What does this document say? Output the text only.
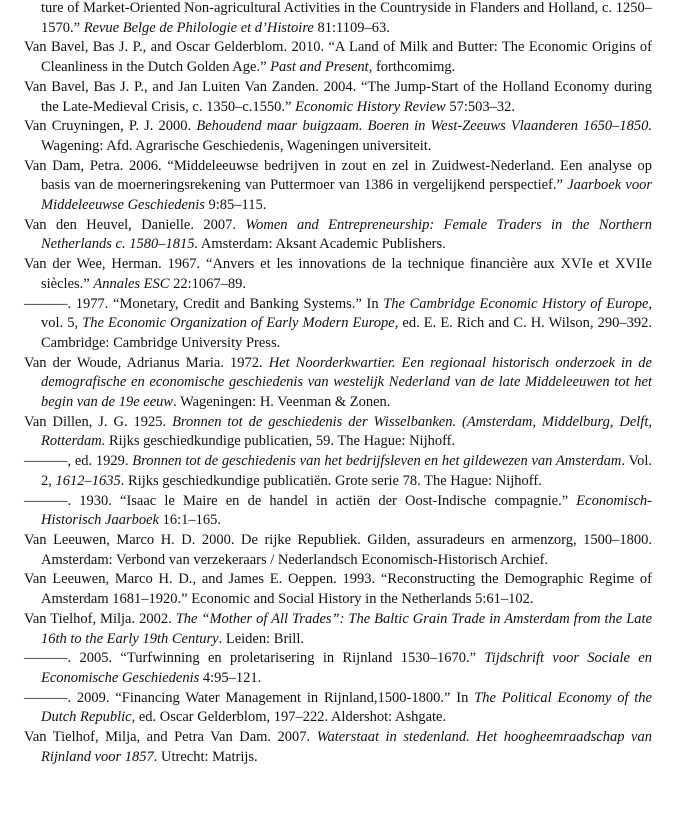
ture of Market-Oriented Non-agricultural Activities in the Countryside in Flanders and Holland, c. 1250–1570.” Revue Belge de Philologie et d’Histoire 81:1109–63.

Van Bavel, Bas J. P., and Oscar Gelderblom. 2010. “A Land of Milk and Butter: The Economic Origins of Cleanliness in the Dutch Golden Age.” Past and Present, forthcomimg.

Van Bavel, Bas J. P., and Jan Luiten Van Zanden. 2004. “The Jump-Start of the Holland Economy during the Late-Medieval Crisis, c. 1350–c.1550.” Economic History Review 57:503–32.

Van Cruyningen, P. J. 2000. Behoudend maar buigzaam. Boeren in West-Zeeuws Vlaanderen 1650–1850. Wagening: Afd. Agrarische Geschiedenis, Wageningen universiteit.

Van Dam, Petra. 2006. “Middeleeuwse bedrijven in zout en zel in Zuidwest-Nederland. Een analyse op basis van de moerneringsrekening van Puttermoer van 1386 in vergelijkend perspectief.” Jaarboek voor Middeleeuwse Geschiedenis 9:85–115.

Van den Heuvel, Danielle. 2007. Women and Entrepreneurship: Female Traders in the Northern Netherlands c. 1580–1815. Amsterdam: Aksant Academic Publishers.

Van der Wee, Herman. 1967. “Anvers et les innovations de la technique financière aux XVIe et XVIIe siècles.” Annales ESC 22:1067–89.

———. 1977. “Monetary, Credit and Banking Systems.” In The Cambridge Economic History of Europe, vol. 5, The Economic Organization of Early Modern Europe, ed. E. E. Rich and C. H. Wilson, 290–392. Cambridge: Cambridge University Press.

Van der Woude, Adrianus Maria. 1972. Het Noorderkwartier. Een regionaal historisch onderzoek in de demografische en economische geschiedenis van westelijk Nederland van de late Middeleeuwen tot het begin van de 19e eeuw. Wageningen: H. Veenman & Zonen.

Van Dillen, J. G. 1925. Bronnen tot de geschiedenis der Wisselbanken. (Amsterdam, Middelburg, Delft, Rotterdam. Rijks geschiedkundige publicatien, 59. The Hague: Nijhoff.

———, ed. 1929. Bronnen tot de geschiedenis van het bedrijfsleven en het gildewezen van Amsterdam. Vol. 2, 1612–1635. Rijks geschiedkundige publicatiën. Grote serie 78. The Hague: Nijhoff.

———. 1930. “Isaac le Maire en de handel in actiën der Oost-Indische compagnie.” Economisch-Historisch Jaarboek 16:1–165.

Van Leeuwen, Marco H. D. 2000. De rijke Republiek. Gilden, assuradeurs en armenzorg, 1500–1800. Amsterdam: Verbond van verzekeraars / Nederlandsch Economisch-Historisch Archief.

Van Leeuwen, Marco H. D., and James E. Oeppen. 1993. “Reconstructing the Demographic Regime of Amsterdam 1681–1920.” Economic and Social History in the Netherlands 5:61–102.

Van Tielhof, Milja. 2002. The “Mother of All Trades”: The Baltic Grain Trade in Amsterdam from the Late 16th to the Early 19th Century. Leiden: Brill.

———. 2005. “Turfwinning en proletarisering in Rijnland 1530–1670.” Tijdschrift voor Sociale en Economische Geschiedenis 4:95–121.

———. 2009. “Financing Water Management in Rijnland,1500-1800.” In The Political Economy of the Dutch Republic, ed. Oscar Gelderblom, 197–222. Aldershot: Ashgate.

Van Tielhof, Milja, and Petra Van Dam. 2007. Waterstaat in stedenland. Het hoogheemraadschap van Rijnland voor 1857. Utrecht: Matrijs.
